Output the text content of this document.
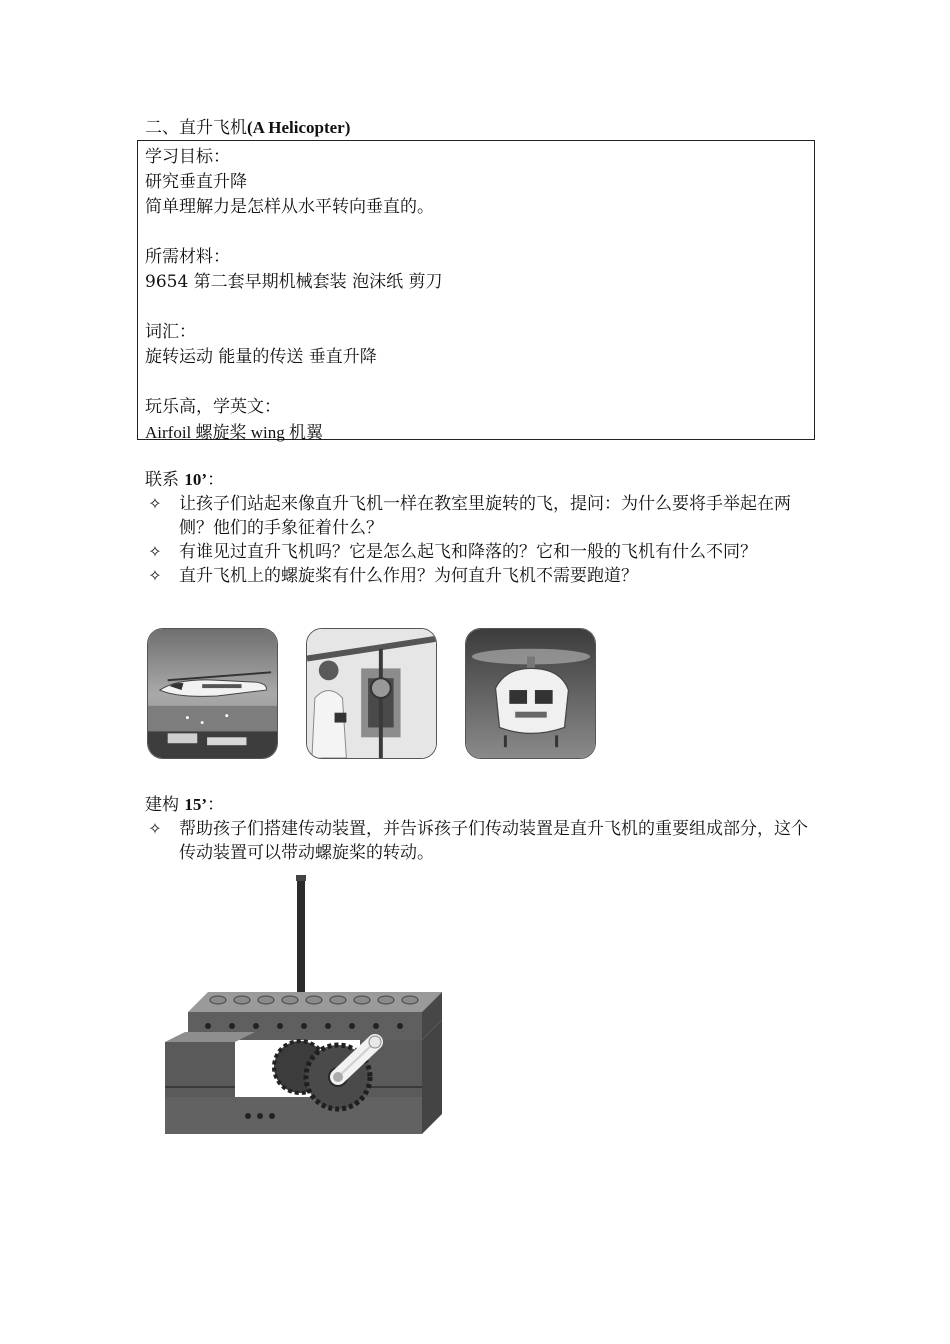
二、直升飞机(A Helicopter)
学习目标：
研究垂直升降
简单理解力是怎样从水平转向垂直的。
所需材料：
9654 第二套早期机械套装 泡沫纸 剪刀
词汇：
旋转运动 能量的传送 垂直升降
玩乐高，学英文：
Airfoil 螺旋桨 wing 机翼
联系 10’：
✧ 让孩子们站起来像直升飞机一样在教室里旋转的飞，提问：为什么要将手举起在两侧？他们的手象征着什么？
✧ 有谁见过直升飞机吗？它是怎么起飞和降落的？它和一般的飞机有什么不同？
✧ 直升飞机上的螺旋桨有什么作用？为何直升飞机不需要跑道？
建构 15’：
✧ 帮助孩子们搭建传动装置，并告诉孩子们传动装置是直升飞机的重要组成部分，这个传动装置可以带动螺旋桨的转动。
